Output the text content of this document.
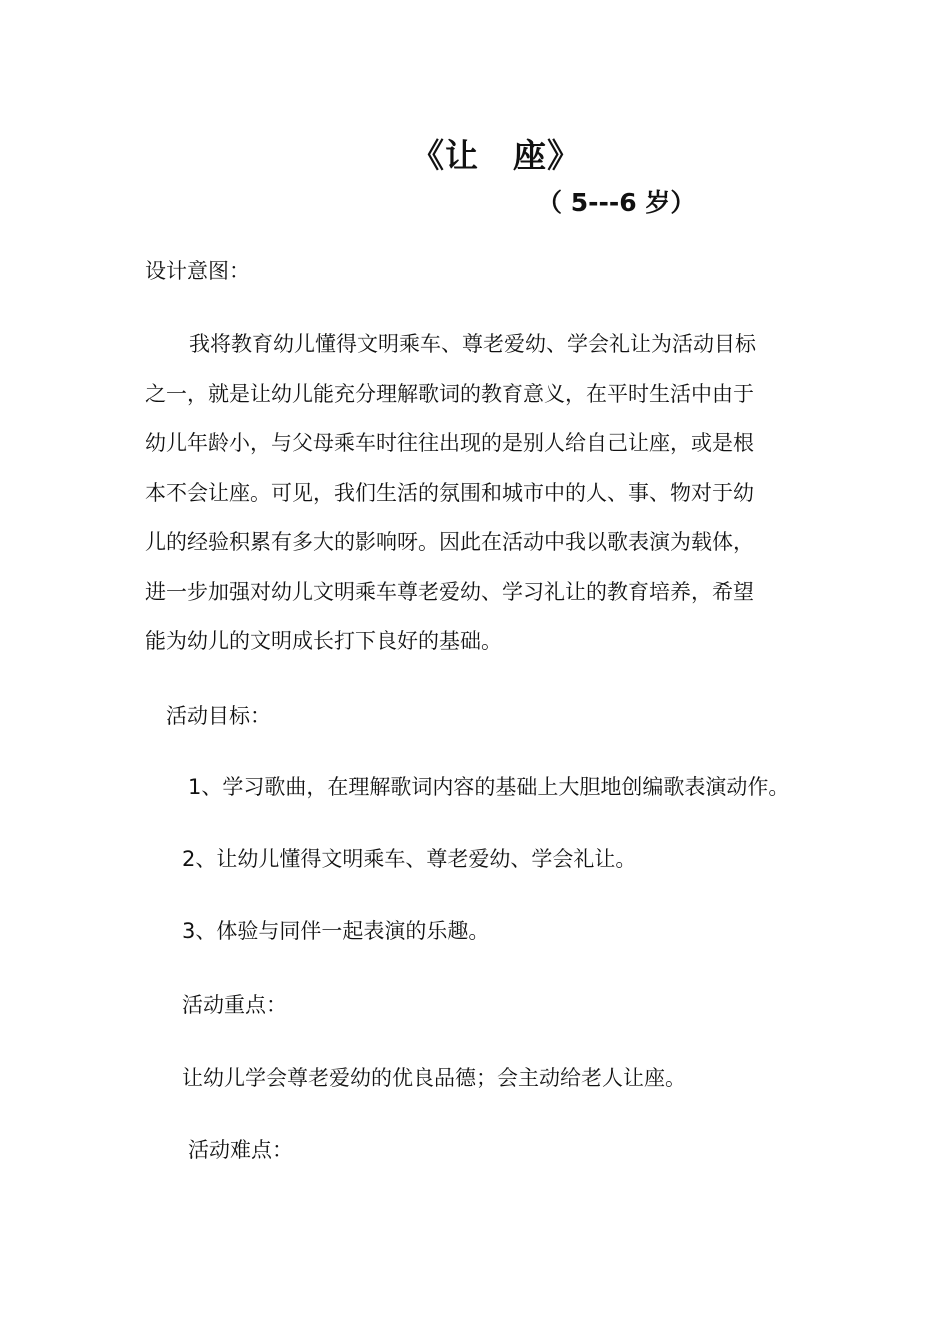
《让　座》
（ 5---6 岁）
设计意图：
我将教育幼儿懂得文明乘车、尊老爱幼、学会礼让为活动目标
之一，就是让幼儿能充分理解歌词的教育意义，在平时生活中由于
幼儿年龄小，与父母乘车时往往出现的是别人给自己让座，或是根
本不会让座。可见，我们生活的氛围和城市中的人、事、物对于幼
儿的经验积累有多大的影响呀。因此在活动中我以歌表演为载体，
进一步加强对幼儿文明乘车尊老爱幼、学习礼让的教育培养，希望
能为幼儿的文明成长打下良好的基础。
活动目标：
1、学习歌曲，在理解歌词内容的基础上大胆地创编歌表演动作。
2、让幼儿懂得文明乘车、尊老爱幼、学会礼让。
3、体验与同伴一起表演的乐趣。
活动重点：
让幼儿学会尊老爱幼的优良品德；会主动给老人让座。
活动难点：
